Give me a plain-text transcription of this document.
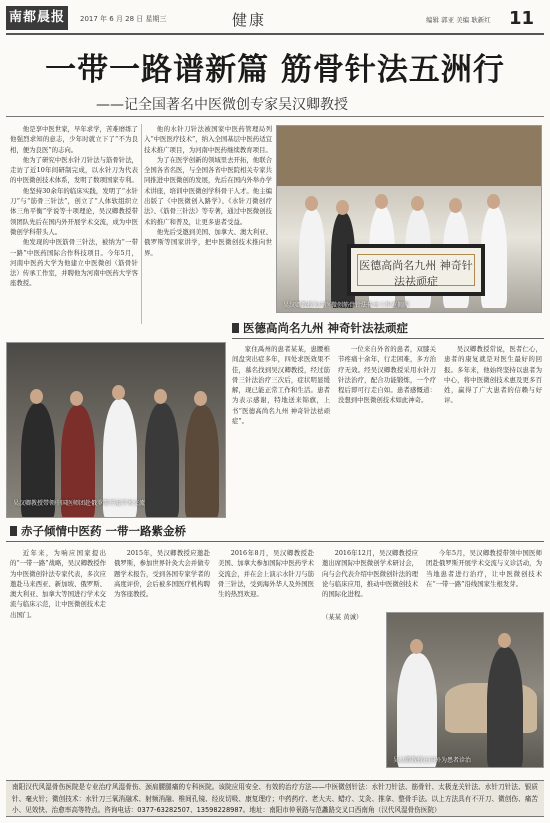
南都晨报	2017 年 6 月 28 日 星期三	健康	编辑 郭亚 美编 耿新红 11
一带一路谱新篇 筋骨针法五洲行
——记全国著名中医微创专家吴汉卿教授

他是享中医世家，早年求学，苦难磨练了他强烈求知的意志，少年时就立下了“不为良相，便为良医”的志向。

他为了研究中医水针刀针法与筋骨针法，走访了近10年间研制完成，以水针刀为代表的中医微创技术体系，发明了数项国家专利。

他坚持30余年的临床实践，发明了“水针刀”与“筋骨三针法”，创立了“人体软组织立体三角平衡”学说等十项理论，吴汉卿教授带领团队先后在国内外开展学术交流，成为中医微创学科带头人。

他发现的中医筋骨三针法，被纳为“一带一路”中医药国际合作科技项目。今年5月，河南中医药大学为他建立中医微创（筋骨针法）传承工作室，并聘他为河南中医药大学客座教授。

他的水针刀针法被国家中医药管理局列入“中医医疗技术”，纳入全国基层中医药适宜技术推广项目，为河南中医药继续教育项目。

为了在医学创新的领域里去开拓，他联合全国各省名医，与全国各省中医院相关专家共同推进中医微创的发展，先后在国内外举办学术讲座，培训中医微创学科骨干人才。他主编出版了《中医微创入路学》、《水针刀微创疗法》、《筋骨三针法》等专著，通过中医微创技术的推广和普及，让更多患者受益。

他先后受邀到美国、加拿大、澳大利亚、俄罗斯等国家讲学，把中医微创技术推向世界。

医德高尚名九州 神奇针法祛顽症
吴汉卿教授为中医微创筋骨针法传承工作室揭牌
医德高尚名九州 神奇针法祛顽症
吴汉卿教授带领中国医师团赴俄罗斯开展学术交流

家住禹州的患者某某，患腰椎间盘突出症多年，四处求医效果不佳，慕名找到吴汉卿教授，经过筋骨三针法治疗三次后，症状明显缓解，现已能正常工作和生活。患者为表示感谢，特地送来锦旗，上书“医德高尚名九州 神奇针法祛顽症”。

一位来自外省的患者，双膝关节疼痛十余年，行走困难，多方治疗无效。经吴汉卿教授采用水针刀针法治疗，配合功能锻炼，一个疗程后即可行走自如。患者感慨道：没想到中医微创技术如此神奇。

吴汉卿教授常说，医者仁心，患者的康复就是对医生最好的回报。多年来，他始终坚持以患者为中心，将中医微创技术惠及更多百姓，赢得了广大患者的信赖与好评。

赤子倾情中医药 一带一路紫金桥

近年来，为响应国家提出的“一带一路”战略，吴汉卿教授作为中医微创针法专家代表，多次应邀赴马来西亚、新加坡、俄罗斯、澳大利亚、加拿大等国进行学术交流与临床示范，让中医微创技术走出国门。

2015年，吴汉卿教授应邀赴俄罗斯，参加世界针灸大会并做专题学术报告，受到各国专家学者的高度评价，会后被多国医疗机构聘为客座教授。

2016年8月，吴汉卿教授赴美国、加拿大参加国际中医药学术交流会，并在会上演示水针刀与筋骨三针法，受到海外华人及外国医生的热烈欢迎。

2016年12月，吴汉卿教授应邀出席国际中医微创学术研讨会，向与会代表介绍中医微创针法的理论与临床应用，推动中医微创技术的国际化进程。

今年5月，吴汉卿教授带领中国医师团赴俄罗斯开展学术交流与义诊活动，为当地患者进行治疗，让中医微创技术在“一带一路”沿线国家生根发芽。

（某某 黄诚）

吴汉卿教授在国外为患者诊治
南阳汉代风湿骨伤医院是专业治疗风湿骨伤、颈肩腰腿痛的专科医院。该院应用安全、有效的治疗方法——中医微创针法：水针刀针法、筋骨针、太极龙关针法、水针刀针法、银质针、毫火针；微创技术：水针刀三氧消融术、射频消融、椎间孔镜、经皮切吸、康复理疗；中药药疗、老大夫、蜡疗、艾灸、推拿、整骨手法。以上方法具有不开刀、微创伤、痛苦小、见效快、治愈率高等特点。咨询电话：0377-63282507、13598228987。地址：南阳市仲景路与范蠡路交叉口西南角（汉代风湿骨伤医院）
